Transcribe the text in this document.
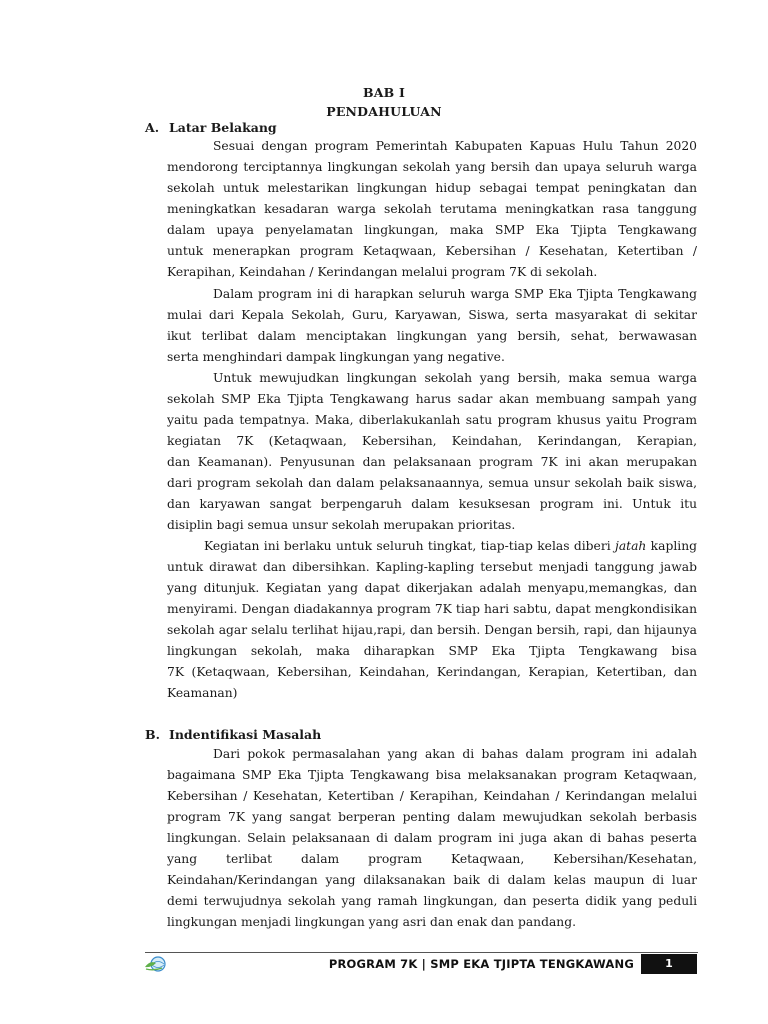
BAB I
PENDAHULUAN
A. Latar Belakang

Sesuai dengan program Pemerintah Kabupaten Kapuas Hulu Tahun 2020
mendorong terciptannya lingkungan sekolah yang bersih dan upaya seluruh warga
sekolah untuk melestarikan lingkungan hidup sebagai tempat peningkatan dan
meningkatkan kesadaran warga sekolah terutama meningkatkan rasa tanggung
dalam upaya penyelamatan lingkungan, maka SMP Eka Tjipta Tengkawang
untuk menerapkan program Ketaqwaan, Kebersihan / Kesehatan, Ketertiban /
Kerapihan, Keindahan / Kerindangan melalui program 7K di sekolah.

Dalam program ini di harapkan seluruh warga SMP Eka Tjipta Tengkawang
mulai dari Kepala Sekolah, Guru, Karyawan, Siswa, serta masyarakat di sekitar
ikut terlibat dalam menciptakan lingkungan yang bersih, sehat, berwawasan
serta menghindari dampak lingkungan yang negative.

Untuk mewujudkan lingkungan sekolah yang bersih, maka semua warga
sekolah SMP Eka Tjipta Tengkawang harus sadar akan membuang sampah yang
yaitu pada tempatnya. Maka, diberlakukanlah satu program khusus yaitu Program
kegiatan 7K (Ketaqwaan, Kebersihan, Keindahan, Kerindangan, Kerapian,
dan Keamanan). Penyusunan dan pelaksanaan program 7K ini akan merupakan
dari program sekolah dan dalam pelaksanaannya, semua unsur sekolah baik siswa,
dan karyawan sangat berpengaruh dalam kesuksesan program ini. Untuk itu
disiplin bagi semua unsur sekolah merupakan prioritas.

Kegiatan ini berlaku untuk seluruh tingkat, tiap-tiap kelas diberi jatah kapling
untuk dirawat dan dibersihkan. Kapling-kapling tersebut menjadi tanggung jawab
yang ditunjuk. Kegiatan yang dapat dikerjakan adalah menyapu,memangkas, dan
menyirami. Dengan diadakannya program 7K tiap hari sabtu, dapat mengkondisikan
sekolah agar selalu terlihat hijau,rapi, dan bersih. Dengan bersih, rapi, dan hijaunya
lingkungan sekolah, maka diharapkan SMP Eka Tjipta Tengkawang bisa
7K (Ketaqwaan, Kebersihan, Keindahan, Kerindangan, Kerapian, Ketertiban, dan
Keamanan)

B. Indentifikasi Masalah

Dari pokok permasalahan yang akan di bahas dalam program ini adalah
bagaimana SMP Eka Tjipta Tengkawang bisa melaksanakan program Ketaqwaan,
Kebersihan / Kesehatan, Ketertiban / Kerapihan, Keindahan / Kerindangan melalui
program 7K yang sangat berperan penting dalam mewujudkan sekolah berbasis
lingkungan. Selain pelaksanaan di dalam program ini juga akan di bahas peserta
yang terlibat dalam program Ketaqwaan, Kebersihan/Kesehatan,
Keindahan/Kerindangan yang dilaksanakan baik di dalam kelas maupun di luar
demi terwujudnya sekolah yang ramah lingkungan, dan peserta didik yang peduli
lingkungan menjadi lingkungan yang asri dan enak dan pandang.

PROGRAM 7K | SMP EKA TJIPTA TENGKAWANG	1
